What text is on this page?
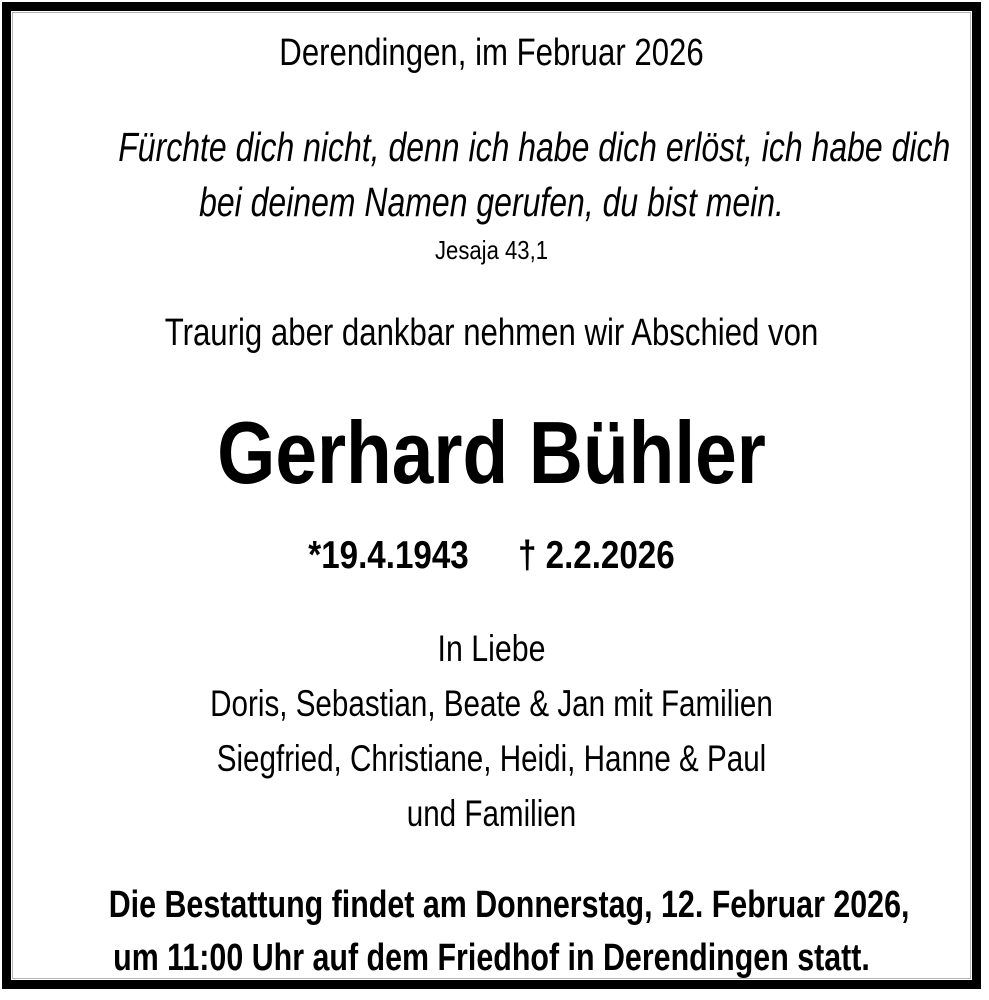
Derendingen, im Februar 2026
Fürchte dich nicht, denn ich habe dich erlöst, ich habe dich
bei deinem Namen gerufen, du bist mein.
Jesaja 43,1
Traurig aber dankbar nehmen wir Abschied von
Gerhard Bühler
*19.4.1943 † 2.2.2026
In Liebe
Doris, Sebastian, Beate & Jan mit Familien
Siegfried, Christiane, Heidi, Hanne & Paul
und Familien
Die Bestattung findet am Donnerstag, 12. Februar 2026,
um 11:00 Uhr auf dem Friedhof in Derendingen statt.
